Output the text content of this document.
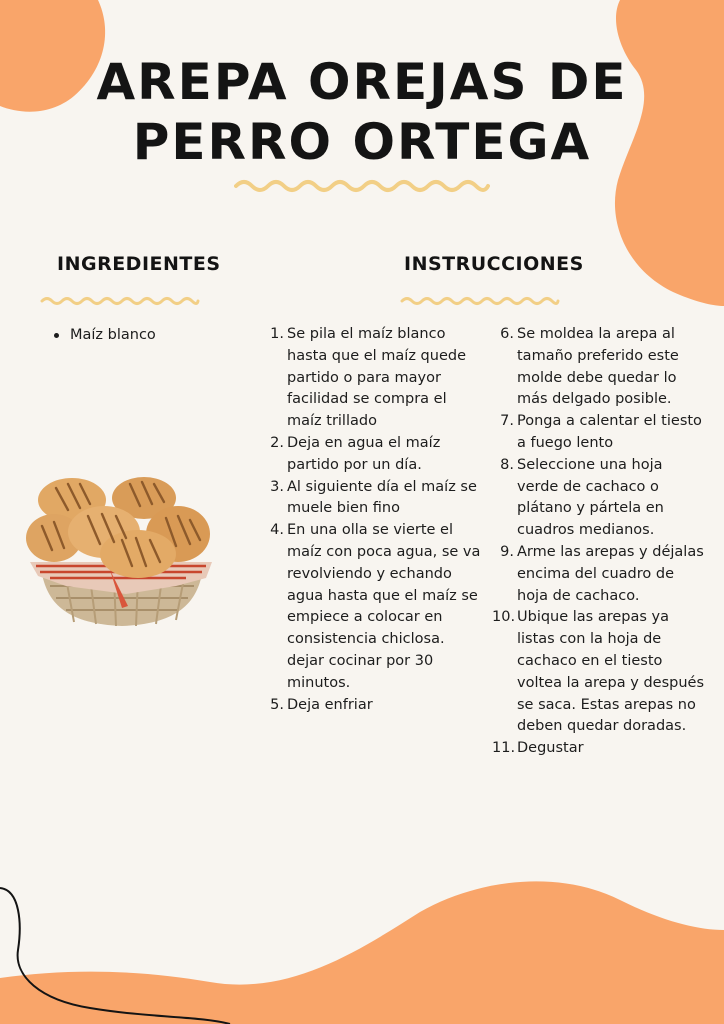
AREPA OREJAS DE PERRO ORTEGA
INGREDIENTES
Maíz blanco
INSTRUCCIONES
1. Se pila el maíz blanco hasta que el maíz quede partido o para mayor facilidad se compra el maíz trillado
2. Deja en agua el maíz partido por un día.
3. Al siguiente día el maíz se muele bien fino
4. En una olla se vierte el maíz con poca agua, se va revolviendo y echando agua hasta que el maíz se empiece a colocar en consistencia chiclosa. dejar cocinar por 30 minutos.
5. Deja enfriar
6. Se moldea la arepa al tamaño preferido este molde debe quedar lo más delgado posible.
7. Ponga a calentar el tiesto a fuego lento
8. Seleccione una hoja verde de cachaco o plátano y pártela en cuadros medianos.
9. Arme las arepas y déjalas encima del cuadro de hoja de cachaco.
10. Ubique las arepas ya listas con la hoja de cachaco en el tiesto voltea la arepa y después se saca. Estas arepas no deben quedar doradas.
11. Degustar
